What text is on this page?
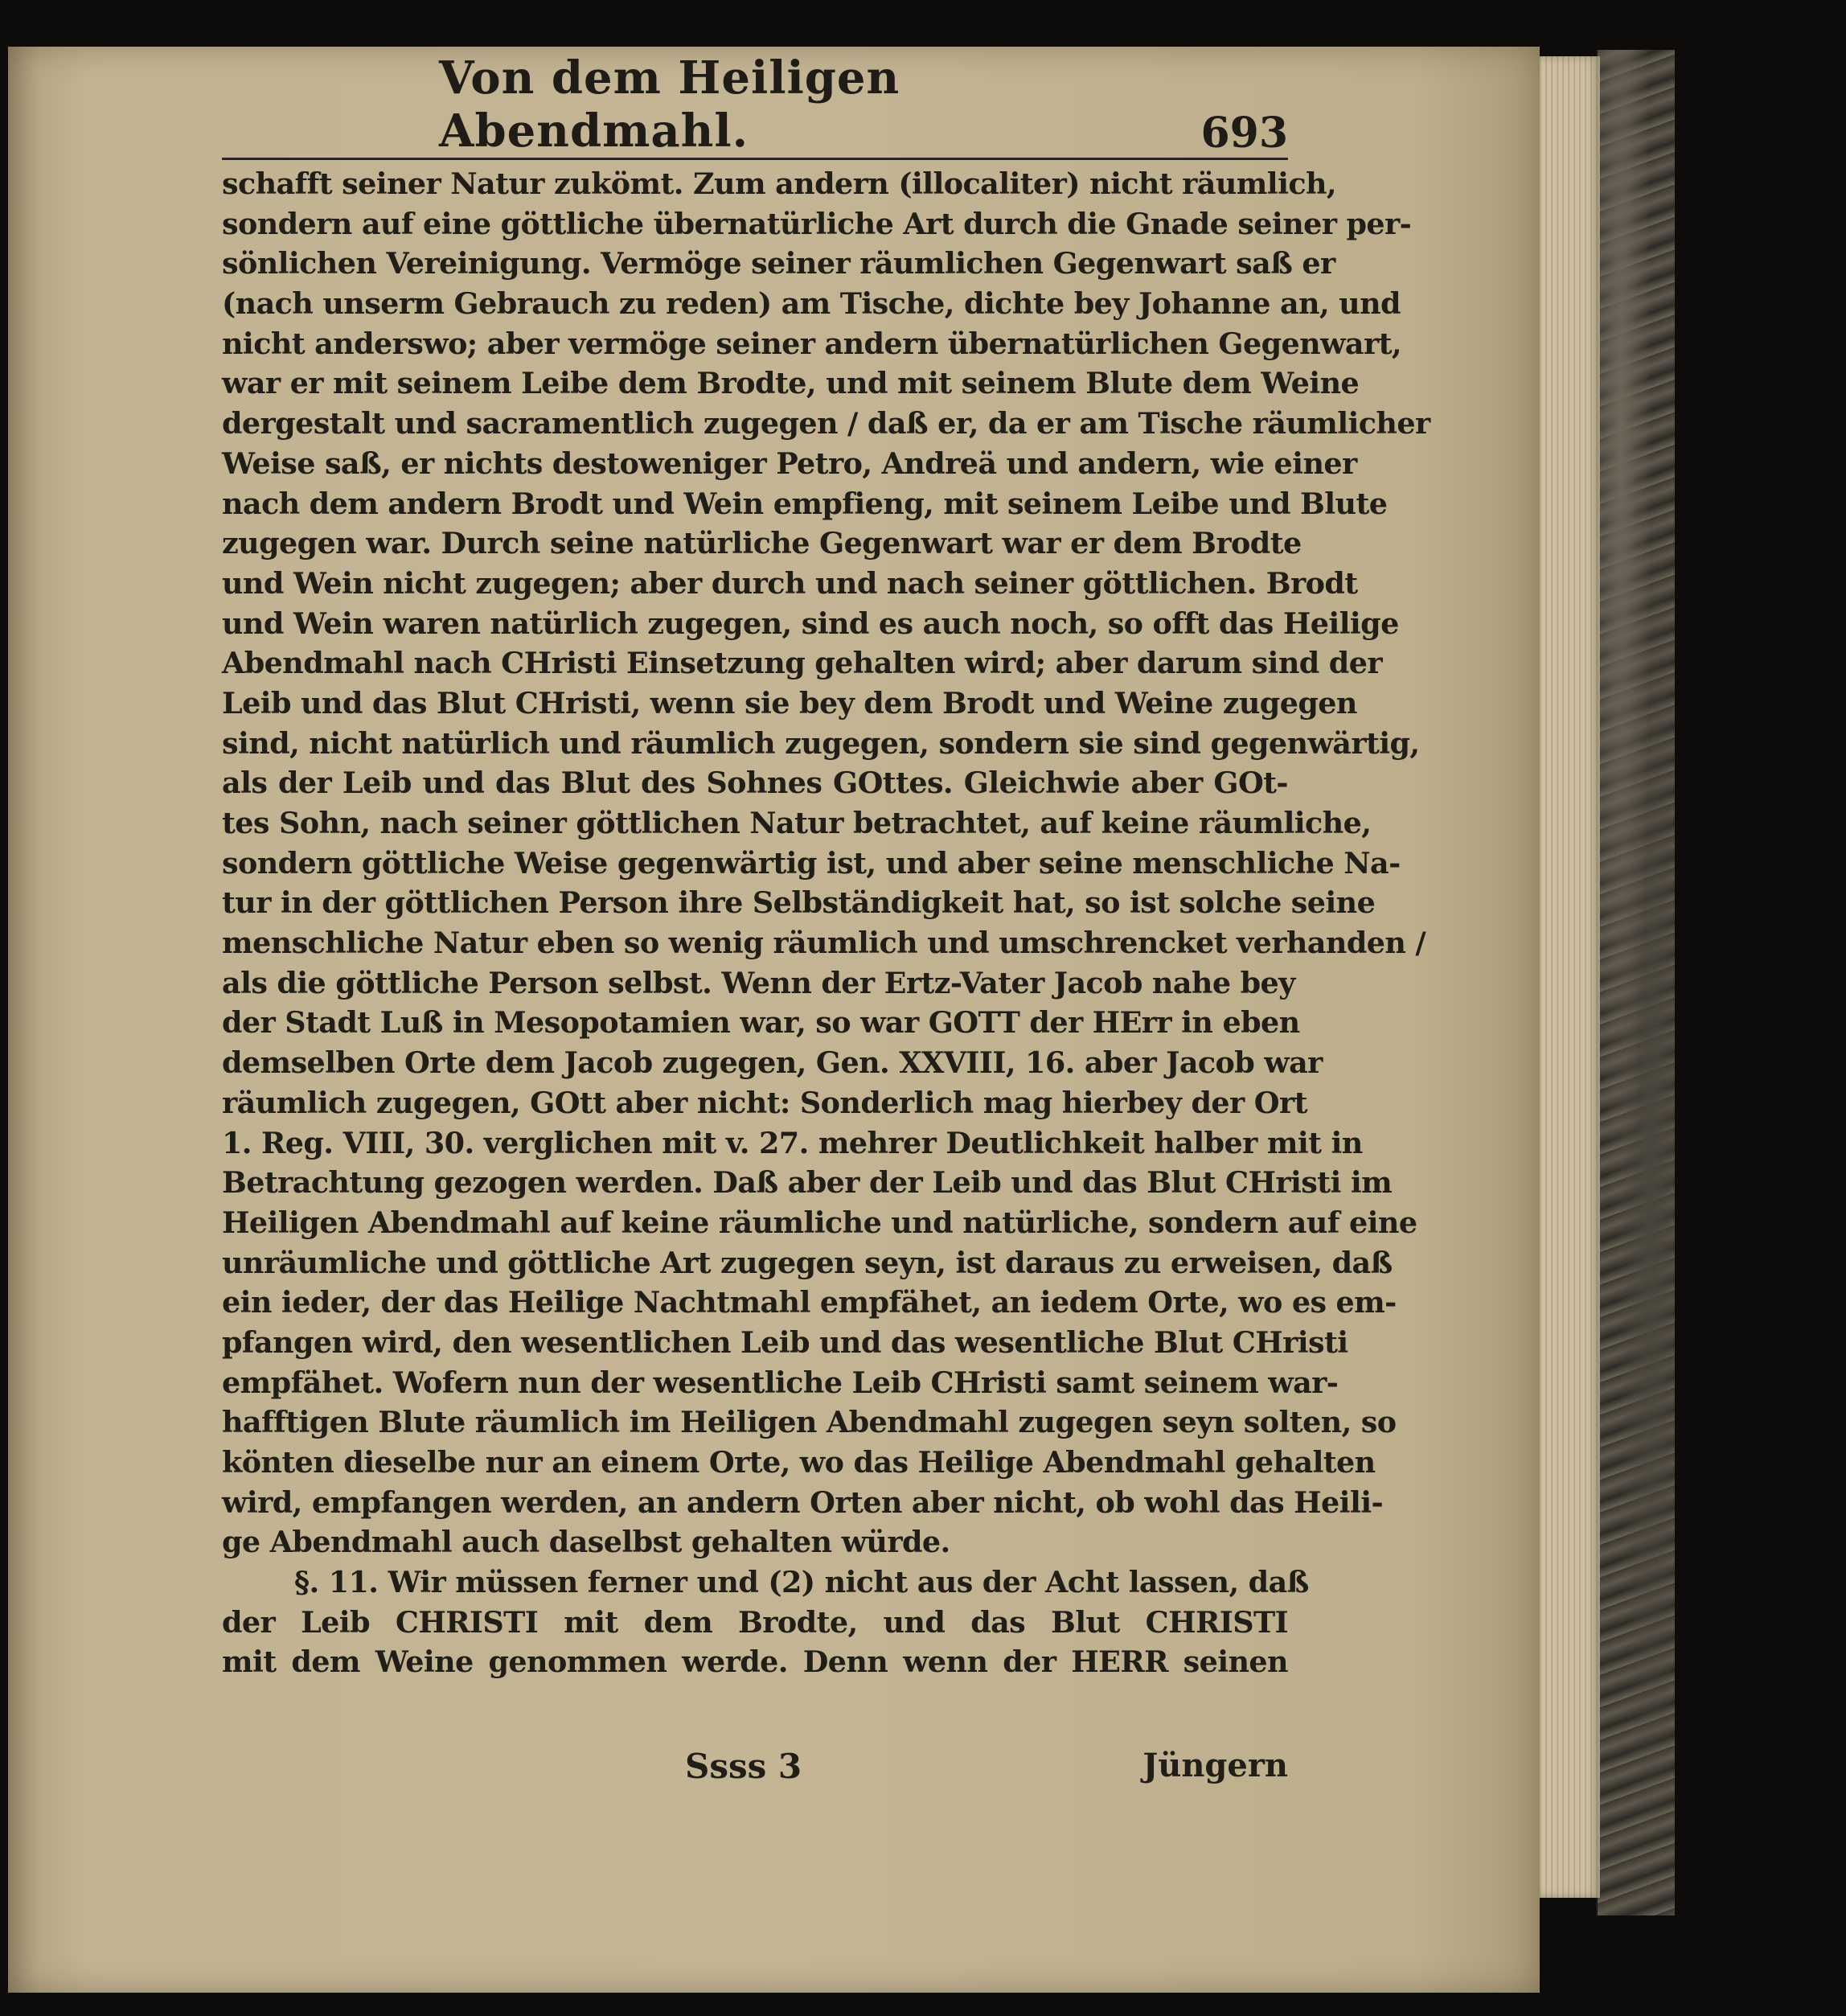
Von dem Heiligen Abendmahl.	693
schafft seiner Natur zukömt. Zum andern (illocaliter) nicht räumlich,
sondern auf eine göttliche übernatürliche Art durch die Gnade seiner per-
sönlichen Vereinigung. Vermöge seiner räumlichen Gegenwart saß er
(nach unserm Gebrauch zu reden) am Tische, dichte bey Johanne an, und
nicht anderswo; aber vermöge seiner andern übernatürlichen Gegenwart,
war er mit seinem Leibe dem Brodte, und mit seinem Blute dem Weine
dergestalt und sacramentlich zugegen / daß er, da er am Tische räumlicher
Weise saß, er nichts destoweniger Petro, Andreä und andern, wie einer
nach dem andern Brodt und Wein empfieng, mit seinem Leibe und Blute
zugegen war. Durch seine natürliche Gegenwart war er dem Brodte
und Wein nicht zugegen; aber durch und nach seiner göttlichen. Brodt
und Wein waren natürlich zugegen, sind es auch noch, so offt das Heilige
Abendmahl nach CHristi Einsetzung gehalten wird; aber darum sind der
Leib und das Blut CHristi, wenn sie bey dem Brodt und Weine zugegen
sind, nicht natürlich und räumlich zugegen, sondern sie sind gegenwärtig,
als der Leib und das Blut des Sohnes GOttes. Gleichwie aber GOt-
tes Sohn, nach seiner göttlichen Natur betrachtet, auf keine räumliche,
sondern göttliche Weise gegenwärtig ist, und aber seine menschliche Na-
tur in der göttlichen Person ihre Selbständigkeit hat, so ist solche seine
menschliche Natur eben so wenig räumlich und umschrencket verhanden /
als die göttliche Person selbst. Wenn der Ertz-Vater Jacob nahe bey
der Stadt Luß in Mesopotamien war, so war GOTT der HErr in eben
demselben Orte dem Jacob zugegen, Gen. XXVIII, 16. aber Jacob war
räumlich zugegen, GOtt aber nicht: Sonderlich mag hierbey der Ort
1. Reg. VIII, 30. verglichen mit v. 27. mehrer Deutlichkeit halber mit in
Betrachtung gezogen werden. Daß aber der Leib und das Blut CHristi im
Heiligen Abendmahl auf keine räumliche und natürliche, sondern auf eine
unräumliche und göttliche Art zugegen seyn, ist daraus zu erweisen, daß
ein ieder, der das Heilige Nachtmahl empfähet, an iedem Orte, wo es em-
pfangen wird, den wesentlichen Leib und das wesentliche Blut CHristi
empfähet. Wofern nun der wesentliche Leib CHristi samt seinem war-
hafftigen Blute räumlich im Heiligen Abendmahl zugegen seyn solten, so
könten dieselbe nur an einem Orte, wo das Heilige Abendmahl gehalten
wird, empfangen werden, an andern Orten aber nicht, ob wohl das Heili-
ge Abendmahl auch daselbst gehalten würde.
§. 11. Wir müssen ferner und (2) nicht aus der Acht lassen, daß
der Leib CHRISTI mit dem Brodte, und das Blut CHRISTI
mit dem Weine genommen werde. Denn wenn der HERR seinen
Ssss 3	Jüngern
